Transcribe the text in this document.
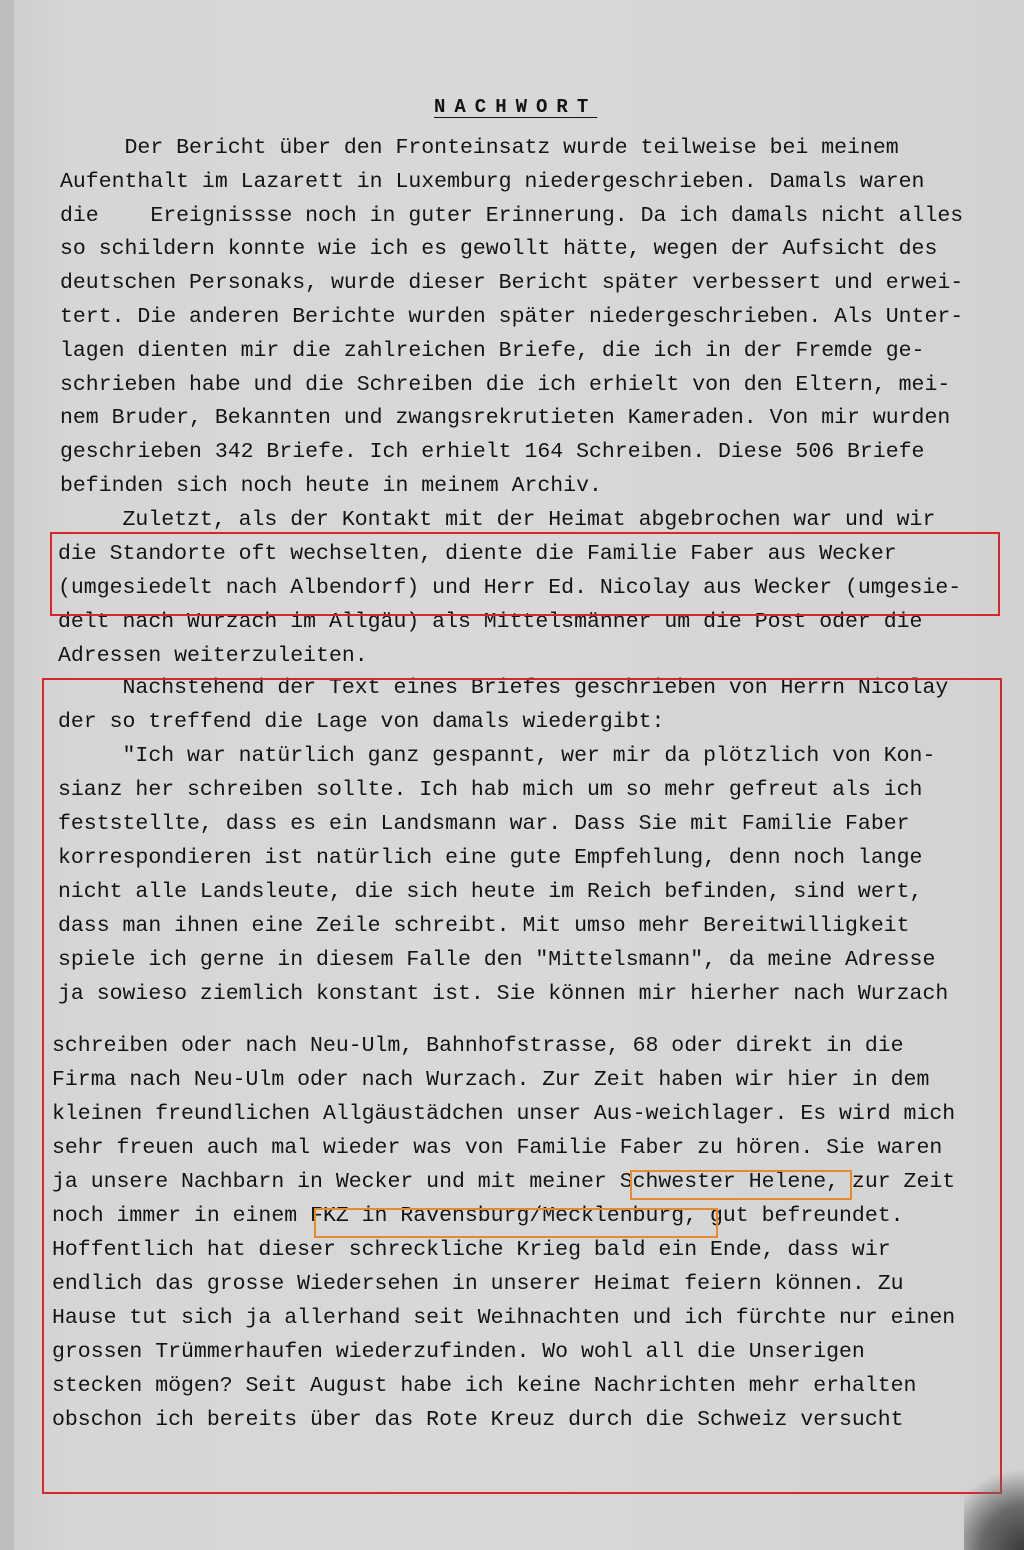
NACHWORT
Der Bericht über den Fronteinsatz wurde teilweise bei meinem
Aufenthalt im Lazarett in Luxemburg niedergeschrieben. Damals waren
die    Ereignissse noch in guter Erinnerung. Da ich damals nicht alles
so schildern konnte wie ich es gewollt hätte, wegen der Aufsicht des
deutschen Personaks, wurde dieser Bericht später verbessert und erwei-
tert. Die anderen Berichte wurden später niedergeschrieben. Als Unter-
lagen dienten mir die zahlreichen Briefe, die ich in der Fremde ge-
schrieben habe und die Schreiben die ich erhielt von den Eltern, mei-
nem Bruder, Bekannten und zwangsrekrutieten Kameraden. Von mir wurden
geschrieben 342 Briefe. Ich erhielt 164 Schreiben. Diese 506 Briefe
befinden sich noch heute in meinem Archiv.
Zuletzt, als der Kontakt mit der Heimat abgebrochen war und wir
die Standorte oft wechselten, diente die Familie Faber aus Wecker
(umgesiedelt nach Albendorf) und Herr Ed. Nicolay aus Wecker (umgesie-
delt nach Wurzach im Allgäu) als Mittelsmänner um die Post oder die
Adressen weiterzuleiten.
Nachstehend der Text eines Briefes geschrieben von Herrn Nicolay
der so treffend die Lage von damals wiedergibt:
"Ich war natürlich ganz gespannt, wer mir da plötzlich von Kon-
sianz her schreiben sollte. Ich hab mich um so mehr gefreut als ich
feststellte, dass es ein Landsmann war. Dass Sie mit Familie Faber
korrespondieren ist natürlich eine gute Empfehlung, denn noch lange
nicht alle Landsleute, die sich heute im Reich befinden, sind wert,
dass man ihnen eine Zeile schreibt. Mit umso mehr Bereitwilligkeit
spiele ich gerne in diesem Falle den "Mittelsmann", da meine Adresse
ja sowieso ziemlich konstant ist. Sie können mir hierher nach Wurzach
schreiben oder nach Neu-Ulm, Bahnhofstrasse, 68 oder direkt in die
Firma nach Neu-Ulm oder nach Wurzach. Zur Zeit haben wir hier in dem
kleinen freundlichen Allgäustädchen unser Aus-weichlager. Es wird mich
sehr freuen auch mal wieder was von Familie Faber zu hören. Sie waren
ja unsere Nachbarn in Wecker und mit meiner Schwester Helene, zur Zeit
noch immer in einem FKZ in Ravensburg/Mecklenburg, gut befreundet.
Hoffentlich hat dieser schreckliche Krieg bald ein Ende, dass wir
endlich das grosse Wiedersehen in unserer Heimat feiern können. Zu
Hause tut sich ja allerhand seit Weihnachten und ich fürchte nur einen
grossen Trümmerhaufen wiederzufinden. Wo wohl all die Unserigen
stecken mögen? Seit August habe ich keine Nachrichten mehr erhalten
obschon ich bereits über das Rote Kreuz durch die Schweiz versucht
